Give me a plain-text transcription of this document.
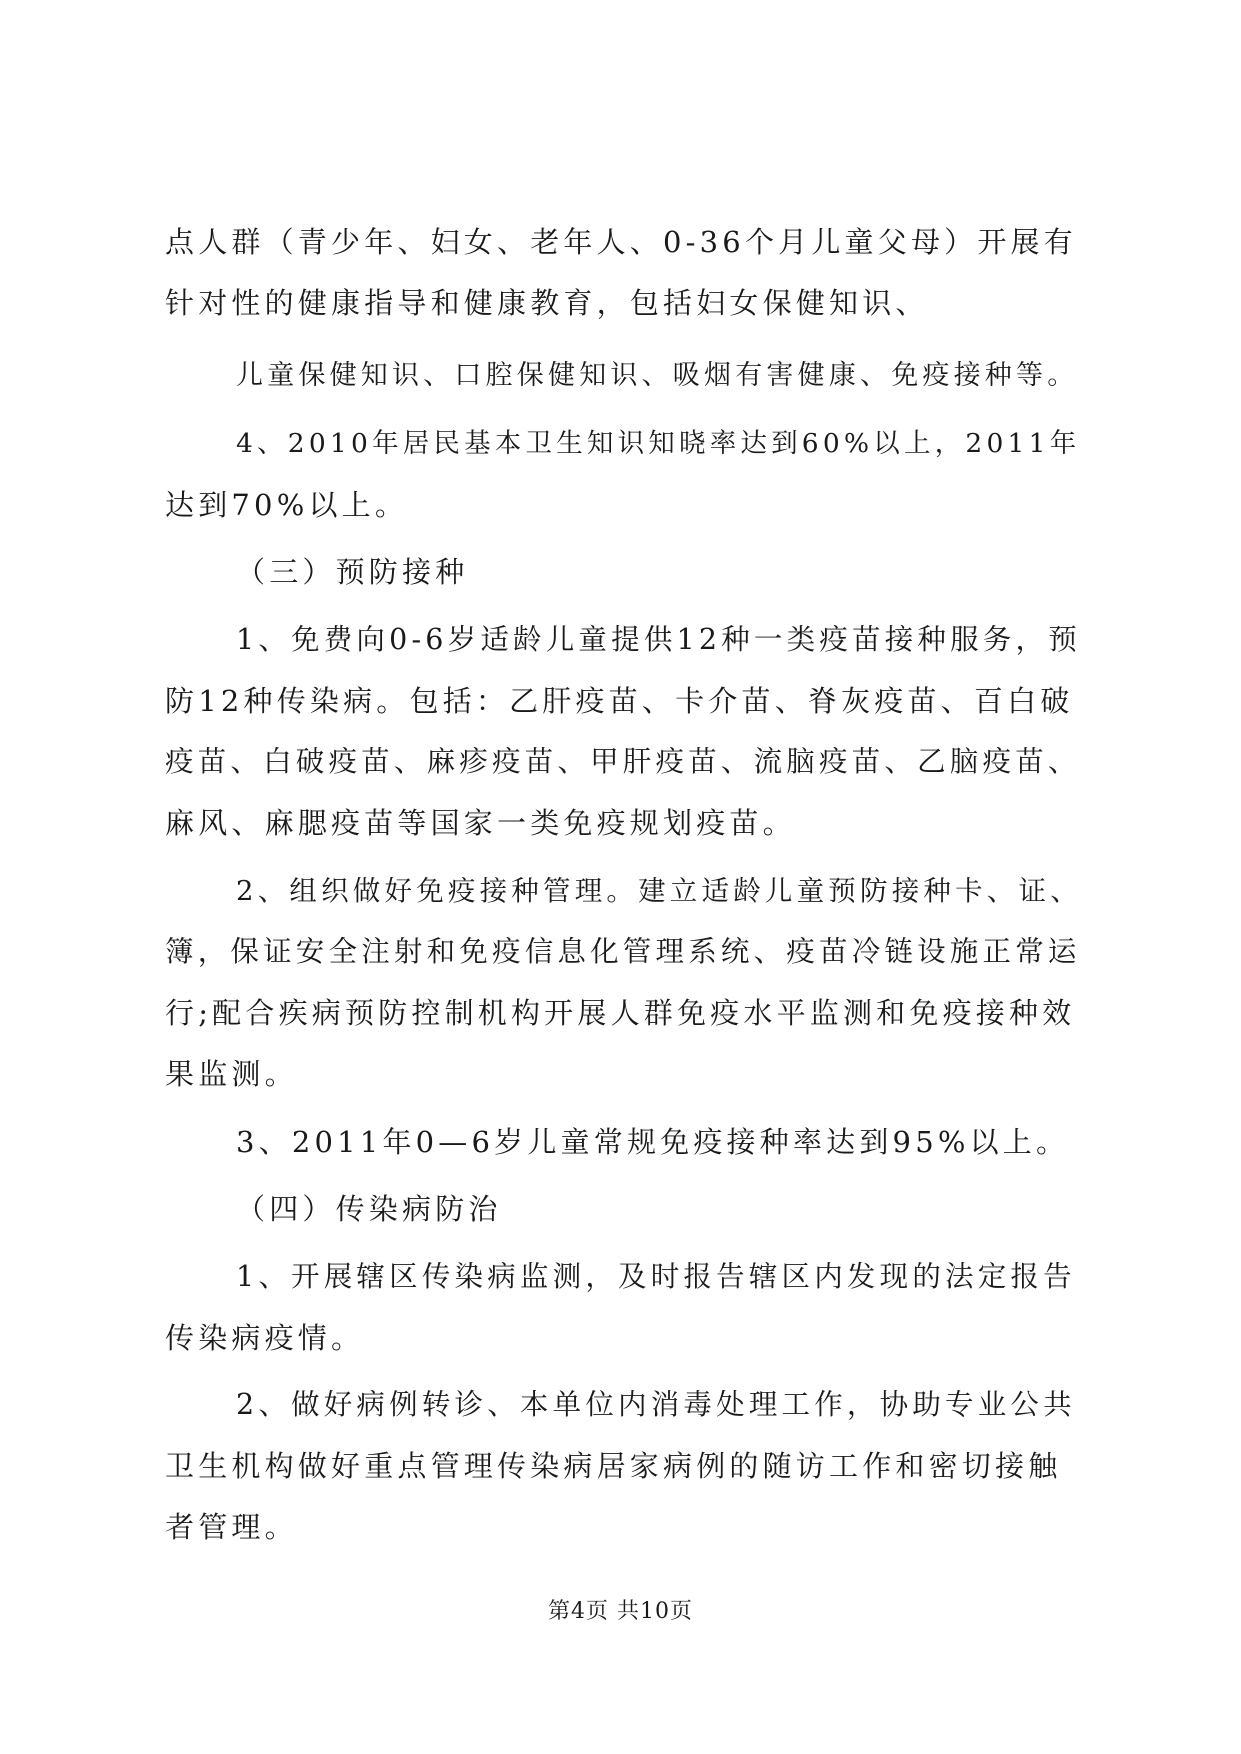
点人群（青少年、妇女、老年人、0-36个月儿童父母）开展有
针对性的健康指导和健康教育，包括妇女保健知识、
儿童保健知识、口腔保健知识、吸烟有害健康、免疫接种等。
4、2010年居民基本卫生知识知晓率达到60%以上，2011年
达到70%以上。
（三）预防接种
1、免费向0-6岁适龄儿童提供12种一类疫苗接种服务，预
防12种传染病。包括：乙肝疫苗、卡介苗、脊灰疫苗、百白破
疫苗、白破疫苗、麻疹疫苗、甲肝疫苗、流脑疫苗、乙脑疫苗、
麻风、麻腮疫苗等国家一类免疫规划疫苗。
2、组织做好免疫接种管理。建立适龄儿童预防接种卡、证、
簿，保证安全注射和免疫信息化管理系统、疫苗冷链设施正常运
行;配合疾病预防控制机构开展人群免疫水平监测和免疫接种效
果监测。
3、2011年0—6岁儿童常规免疫接种率达到95%以上。
（四）传染病防治
1、开展辖区传染病监测，及时报告辖区内发现的法定报告
传染病疫情。
2、做好病例转诊、本单位内消毒处理工作，协助专业公共
卫生机构做好重点管理传染病居家病例的随访工作和密切接触
者管理。
第4页 共10页
